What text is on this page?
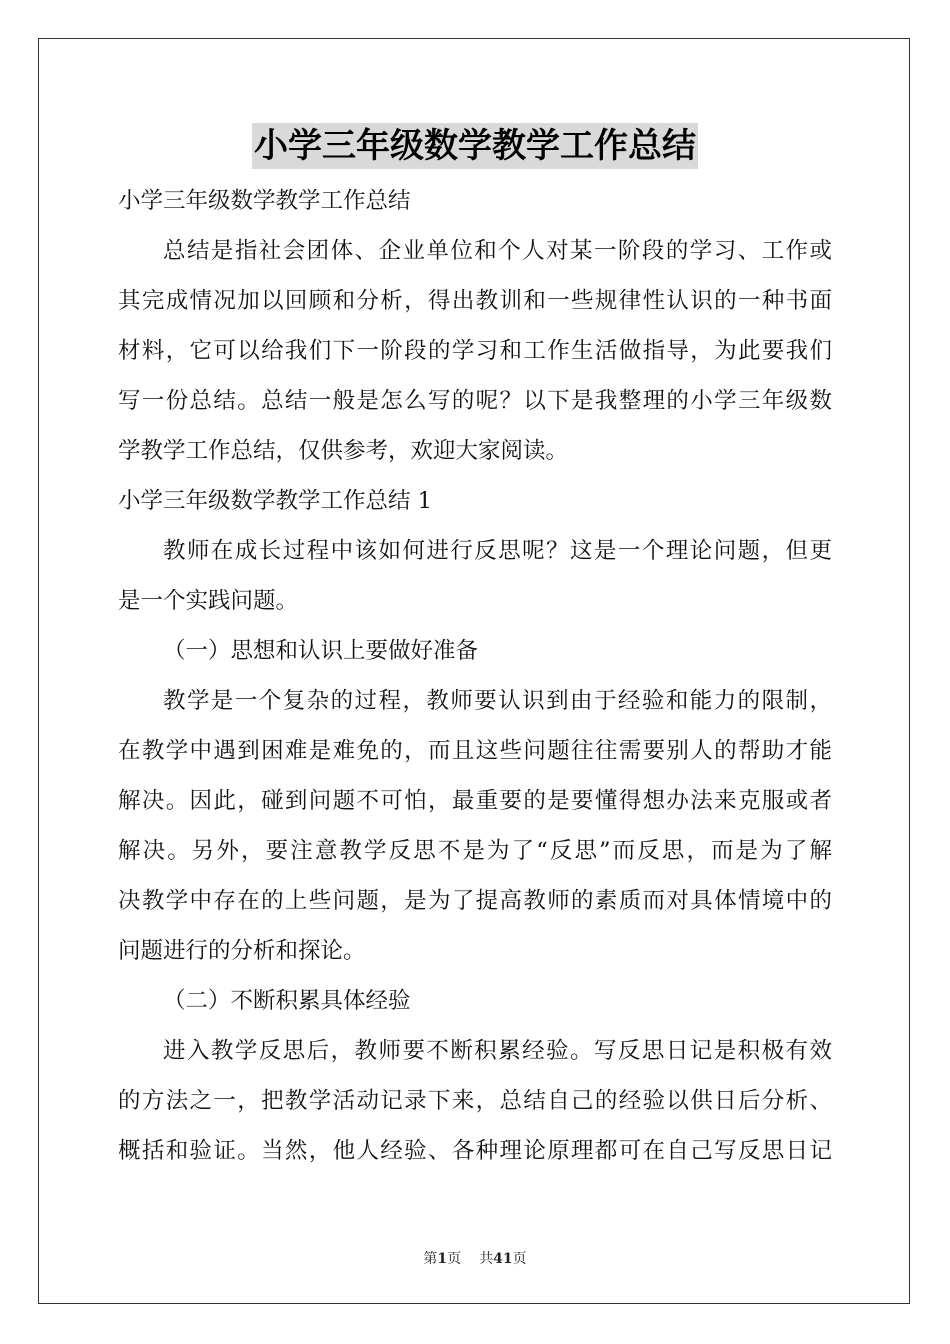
小学三年级数学教学工作总结
小学三年级数学教学工作总结
总结是指社会团体、企业单位和个人对某一阶段的学习、工作或
其完成情况加以回顾和分析，得出教训和一些规律性认识的一种书面
材料，它可以给我们下一阶段的学习和工作生活做指导，为此要我们
写一份总结。总结一般是怎么写的呢？以下是我整理的小学三年级数
学教学工作总结，仅供参考，欢迎大家阅读。
小学三年级数学教学工作总结 1
教师在成长过程中该如何进行反思呢？这是一个理论问题，但更
是一个实践问题。
（一）思想和认识上要做好准备
教学是一个复杂的过程，教师要认识到由于经验和能力的限制，
在教学中遇到困难是难免的，而且这些问题往往需要别人的帮助才能
解决。因此，碰到问题不可怕，最重要的是要懂得想办法来克服或者
解决。另外，要注意教学反思不是为了“反思”而反思，而是为了解
决教学中存在的上些问题，是为了提高教师的素质而对具体情境中的
问题进行的分析和探论。
（二）不断积累具体经验
进入教学反思后，教师要不断积累经验。写反思日记是积极有效
的方法之一，把教学活动记录下来，总结自己的经验以供日后分析、
概括和验证。当然，他人经验、各种理论原理都可在自己写反思日记
第1页 共41页
